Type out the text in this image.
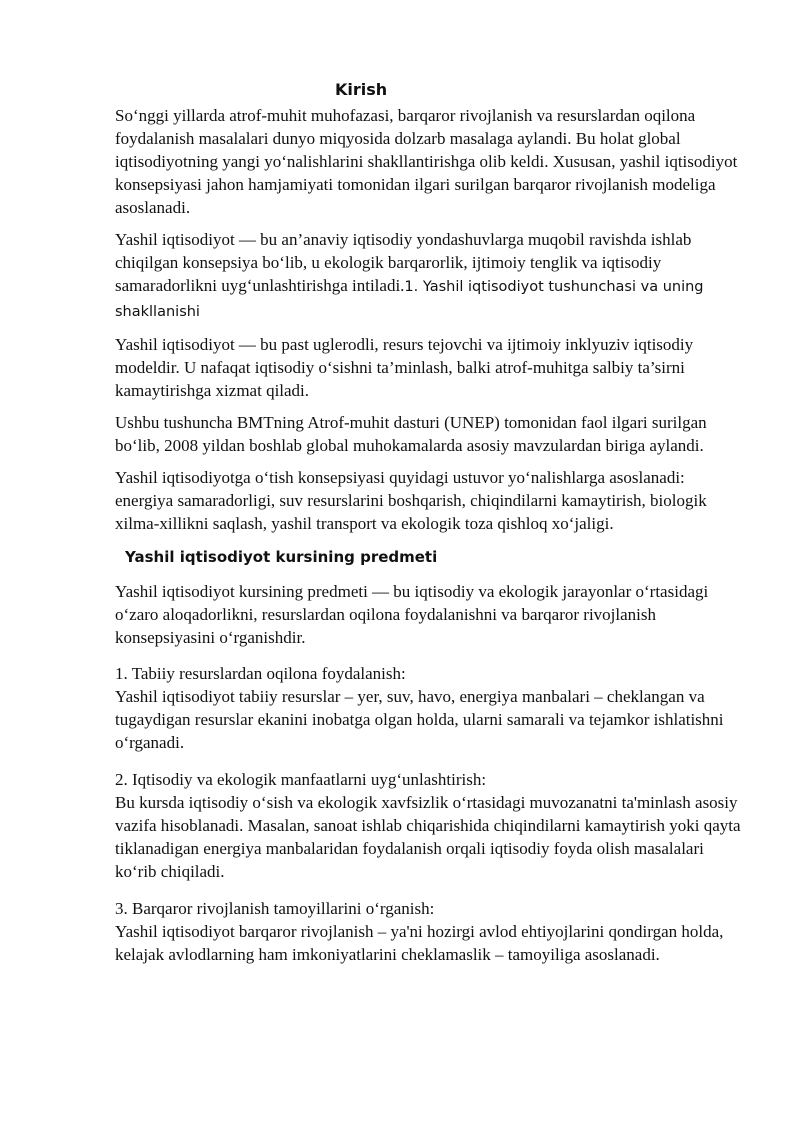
Kirish

So‘nggi yillarda atrof-muhit muhofazasi, barqaror rivojlanish va resurslardan oqilona foydalanish masalalari dunyo miqyosida dolzarb masalaga aylandi. Bu holat global iqtisodiyotning yangi yo‘nalishlarini shakllantirishga olib keldi. Xususan, yashil iqtisodiyot konsepsiyasi jahon hamjamiyati tomonidan ilgari surilgan barqaror rivojlanish modeliga asoslanadi.

Yashil iqtisodiyot — bu an’anaviy iqtisodiy yondashuvlarga muqobil ravishda ishlab chiqilgan konsepsiya bo‘lib, u ekologik barqarorlik, ijtimoiy tenglik va iqtisodiy samaradorlikni uyg‘unlashtirishga intiladi.1. Yashil iqtisodiyot tushunchasi va uning shakllanishi

Yashil iqtisodiyot — bu past uglerodli, resurs tejovchi va ijtimoiy inklyuziv iqtisodiy modeldir. U nafaqat iqtisodiy o‘sishni ta’minlash, balki atrof-muhitga salbiy ta’sirni kamaytirishga xizmat qiladi.

Ushbu tushuncha BMTning Atrof-muhit dasturi (UNEP) tomonidan faol ilgari surilgan bo‘lib, 2008 yildan boshlab global muhokamalarda asosiy mavzulardan biriga aylandi.

Yashil iqtisodiyotga o‘tish konsepsiyasi quyidagi ustuvor yo‘nalishlarga asoslanadi: energiya samaradorligi, suv resurslarini boshqarish, chiqindilarni kamaytirish, biologik xilma-xillikni saqlash, yashil transport va ekologik toza qishloq xo‘jaligi.

Yashil iqtisodiyot kursining predmeti

Yashil iqtisodiyot kursining predmeti — bu iqtisodiy va ekologik jarayonlar o‘rtasidagi o‘zaro aloqadorlikni, resurslardan oqilona foydalanishni va barqaror rivojlanish konsepsiyasini o‘rganishdir.

1. Tabiiy resurslardan oqilona foydalanish:
Yashil iqtisodiyot tabiiy resurslar – yer, suv, havo, energiya manbalari – cheklangan va tugaydigan resurslar ekanini inobatga olgan holda, ularni samarali va tejamkor ishlatishni o‘rganadi.
2. Iqtisodiy va ekologik manfaatlarni uyg‘unlashtirish:
Bu kursda iqtisodiy o‘sish va ekologik xavfsizlik o‘rtasidagi muvozanatni ta'minlash asosiy vazifa hisoblanadi. Masalan, sanoat ishlab chiqarishida chiqindilarni kamaytirish yoki qayta tiklanadigan energiya manbalaridan foydalanish orqali iqtisodiy foyda olish masalalari ko‘rib chiqiladi.
3. Barqaror rivojlanish tamoyillarini o‘rganish:
Yashil iqtisodiyot barqaror rivojlanish – ya'ni hozirgi avlod ehtiyojlarini qondirgan holda, kelajak avlodlarning ham imkoniyatlarini cheklamaslik – tamoyiliga asoslanadi.
